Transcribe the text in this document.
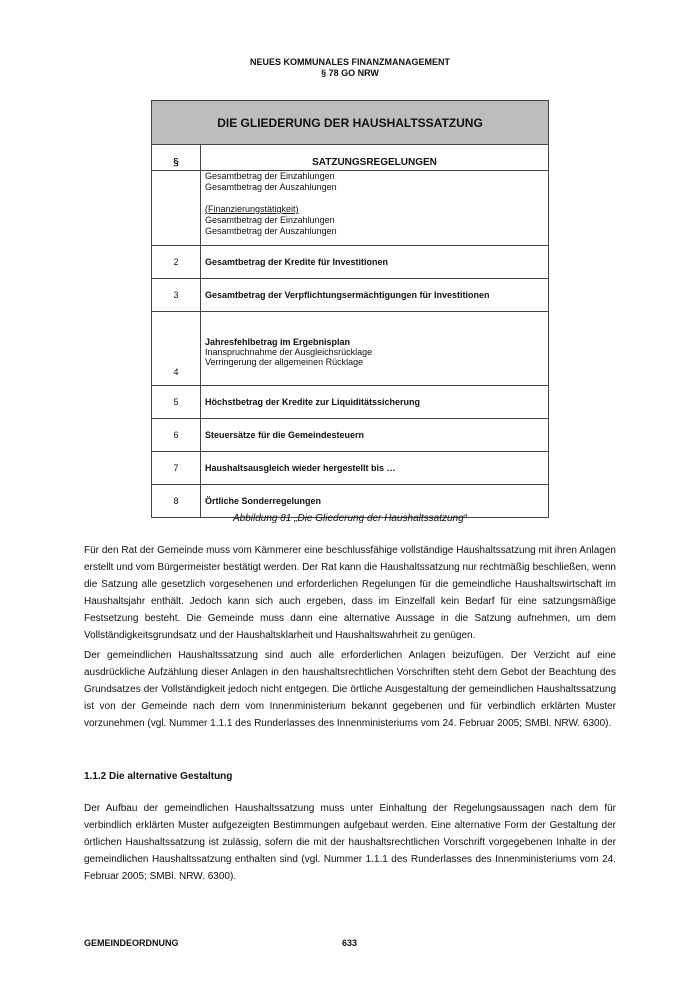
NEUES KOMMUNALES FINANZMANAGEMENT
§ 78 GO NRW
DIE GLIEDERUNG DER HAUSHALTSSATZUNG	
§	SATZUNGSREGELUNGEN

	Gesamtbetrag der Einzahlungen
Gesamtbetrag der Auszahlungen
(Finanzierungstätigkeit)
Gesamtbetrag der Einzahlungen
Gesamtbetrag der Auszahlungen

2	Gesamtbetrag der Kredite für Investitionen
3	Gesamtbetrag der Verpflichtungsermächtigungen für Investitionen
4	Jahresfehlbetrag im Ergebnisplan
Inanspruchnahme der Ausgleichsrücklage
Verringerung der allgemeinen Rücklage

5	Höchstbetrag der Kredite zur Liquiditätssicherung
6	Steuersätze für die Gemeindesteuern
7	Haushaltsausgleich wieder hergestellt bis …
8	Örtliche Sonderregelungen
Abbildung 81 „Die Gliederung der Haushaltssatzung“
Für den Rat der Gemeinde muss vom Kämmerer eine beschlussfähige vollständige Haushaltssatzung mit ihren Anlagen erstellt und vom Bürgermeister bestätigt werden. Der Rat kann die Haushaltssatzung nur rechtmäßig beschließen, wenn die Satzung alle gesetzlich vorgesehenen und erforderlichen Regelungen für die gemeindliche Haushaltswirtschaft im Haushaltsjahr enthält. Jedoch kann sich auch ergeben, dass im Einzelfall kein Bedarf für eine satzungsmäßige Festsetzung besteht. Die Gemeinde muss dann eine alternative Aussage in die Satzung aufnehmen, um dem Vollständigkeitsgrundsatz und der Haushaltsklarheit und Haushaltswahrheit zu genügen.
Der gemeindlichen Haushaltssatzung sind auch alle erforderlichen Anlagen beizufügen. Der Verzicht auf eine ausdrückliche Aufzählung dieser Anlagen in den haushaltsrechtlichen Vorschriften steht dem Gebot der Beachtung des Grundsatzes der Vollständigkeit jedoch nicht entgegen. Die örtliche Ausgestaltung der gemeindlichen Haushaltssatzung ist von der Gemeinde nach dem vom Innenministerium bekannt gegebenen und für verbindlich erklärten Muster vorzunehmen (vgl. Nummer 1.1.1 des Runderlasses des Innenministeriums vom 24. Februar 2005; SMBl. NRW. 6300).
1.1.2 Die alternative Gestaltung
Der Aufbau der gemeindlichen Haushaltssatzung muss unter Einhaltung der Regelungsaussagen nach dem für verbindlich erklärten Muster aufgezeigten Bestimmungen aufgebaut werden. Eine alternative Form der Gestaltung der örtlichen Haushaltssatzung ist zulässig, sofern die mit der haushaltsrechtlichen Vorschrift vorgegebenen Inhalte in der gemeindlichen Haushaltssatzung enthalten sind (vgl. Nummer 1.1.1 des Runderlasses des Innenministeriums vom 24. Februar 2005; SMBl. NRW. 6300).
GEMEINDEORDNUNG	633
